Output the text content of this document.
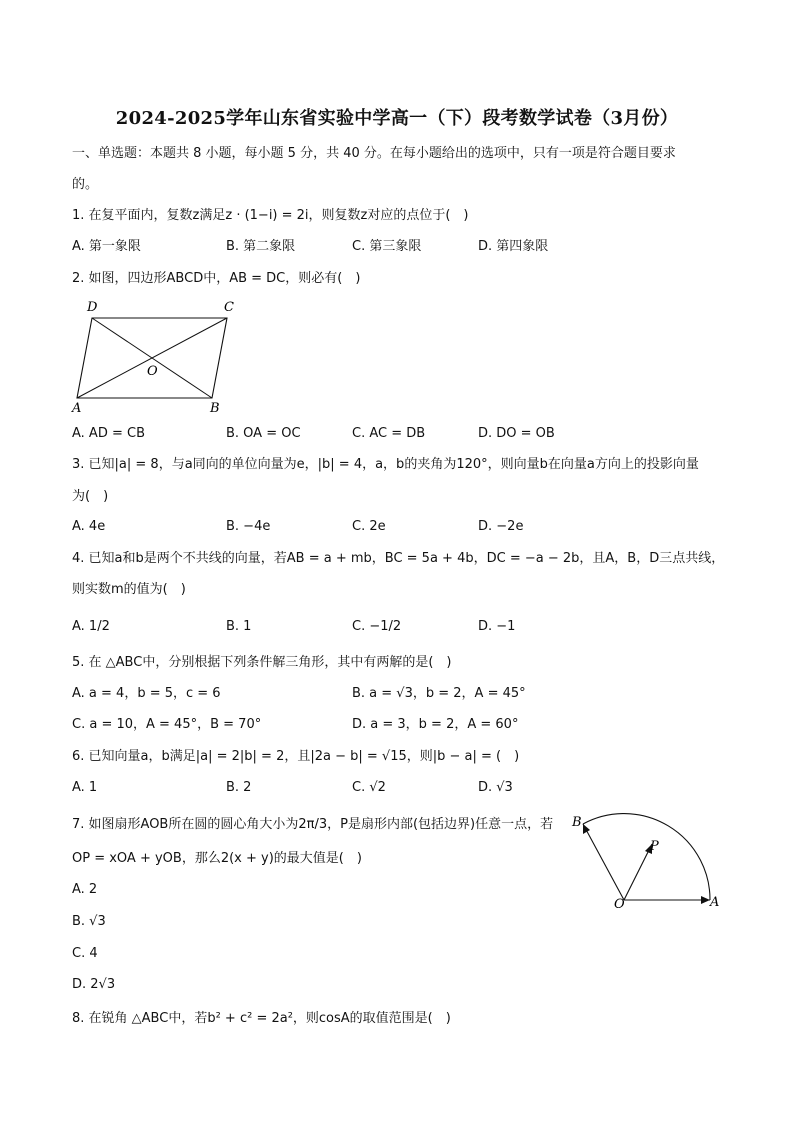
2024-2025学年山东省实验中学高一（下）段考数学试卷（3月份）
一、单选题：本题共 8 小题，每小题 5 分，共 40 分。在每小题给出的选项中，只有一项是符合题目要求
的。
1. 在复平面内，复数z满足z · (1−i) = 2i，则复数z对应的点位于(　)
A. 第一象限	B. 第二象限	C. 第三象限	D. 第四象限
2. 如图，四边形ABCD中，AB = DC，则必有(　)
D	C
O
A	B
A. AD = CB	B. OA = OC	C. AC = DB	D. DO = OB
3. 已知|a| = 8，与a同向的单位向量为e，|b| = 4，a，b的夹角为120°，则向量b在向量a方向上的投影向量
为(　)
A. 4e	B. −4e	C. 2e	D. −2e
4. 已知a和b是两个不共线的向量，若AB = a + mb，BC = 5a + 4b，DC = −a − 2b，且A，B，D三点共线，
则实数m的值为(　)
A. 1/2	B. 1	C. −1/2	D. −1
5. 在 △ABC中，分别根据下列条件解三角形，其中有两解的是(　)
A. a = 4，b = 5，c = 6	B. a = √3，b = 2，A = 45°
C. a = 10，A = 45°，B = 70°	D. a = 3，b = 2，A = 60°
6. 已知向量a，b满足|a| = 2|b| = 2，且|2a − b| = √15，则|b − a| = (　)
A. 1	B. 2	C. √2	D. √3
7. 如图扇形AOB所在圆的圆心角大小为2π/3，P是扇形内部(包括边界)任意一点，若
OP = xOA + yOB，那么2(x + y)的最大值是(　)
B
P
O	A
A. 2
B. √3
C. 4
D. 2√3
8. 在锐角 △ABC中，若b² + c² = 2a²，则cosA的取值范围是(　)
